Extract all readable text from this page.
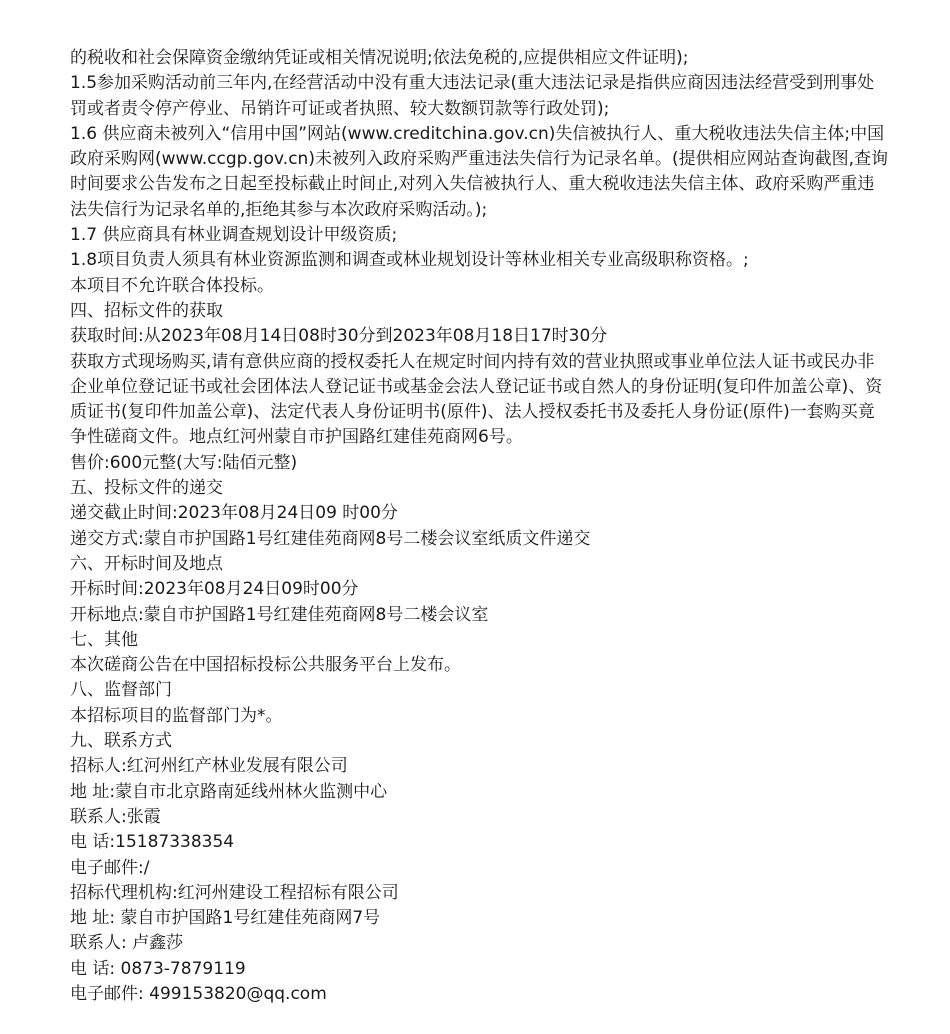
的税收和社会保障资金缴纳凭证或相关情况说明;依法免税的,应提供相应文件证明);

1.5参加采购活动前三年内,在经营活动中没有重大违法记录(重大违法记录是指供应商因违法经营受到刑事处罚或者责令停产停业、吊销许可证或者执照、较大数额罚款等行政处罚);

1.6 供应商未被列入“信用中国”网站(www.creditchina.gov.cn)失信被执行人、重大税收违法失信主体;中国政府采购网(www.ccgp.gov.cn)未被列入政府采购严重违法失信行为记录名单。(提供相应网站查询截图,查询时间要求公告发布之日起至投标截止时间止,对列入失信被执行人、重大税收违法失信主体、政府采购严重违法失信行为记录名单的,拒绝其参与本次政府采购活动。);

1.7 供应商具有林业调查规划设计甲级资质;

1.8项目负责人须具有林业资源监测和调查或林业规划设计等林业相关专业高级职称资格。;

本项目不允许联合体投标。

四、招标文件的获取

获取时间:从2023年08月14日08时30分到2023年08月18日17时30分

获取方式现场购买,请有意供应商的授权委托人在规定时间内持有效的营业执照或事业单位法人证书或民办非企业单位登记证书或社会团体法人登记证书或基金会法人登记证书或自然人的身份证明(复印件加盖公章)、资质证书(复印件加盖公章)、法定代表人身份证明书(原件)、法人授权委托书及委托人身份证(原件)一套购买竟争性磋商文件。地点红河州蒙自市护国路红建佳苑商网6号。

售价:600元整(大写:陆佰元整)

五、投标文件的递交

递交截止时间:2023年08月24日09 时00分

递交方式:蒙自市护国路1号红建佳苑商网8号二楼会议室纸质文件递交

六、开标时间及地点

开标时间:2023年08月24日09时00分

开标地点:蒙自市护国路1号红建佳苑商网8号二楼会议室

七、其他

本次磋商公告在中国招标投标公共服务平台上发布。

八、监督部门

本招标项目的监督部门为*。

九、联系方式

招标人:红河州红产林业发展有限公司

地 址:蒙自市北京路南延线州林火监测中心

联系人:张霞

电 话:15187338354

电子邮件:/

招标代理机构:红河州建设工程招标有限公司

地 址: 蒙自市护国路1号红建佳苑商网7号

联系人: 卢鑫莎

电 话: 0873-7879119

电子邮件: 499153820@qq.com
